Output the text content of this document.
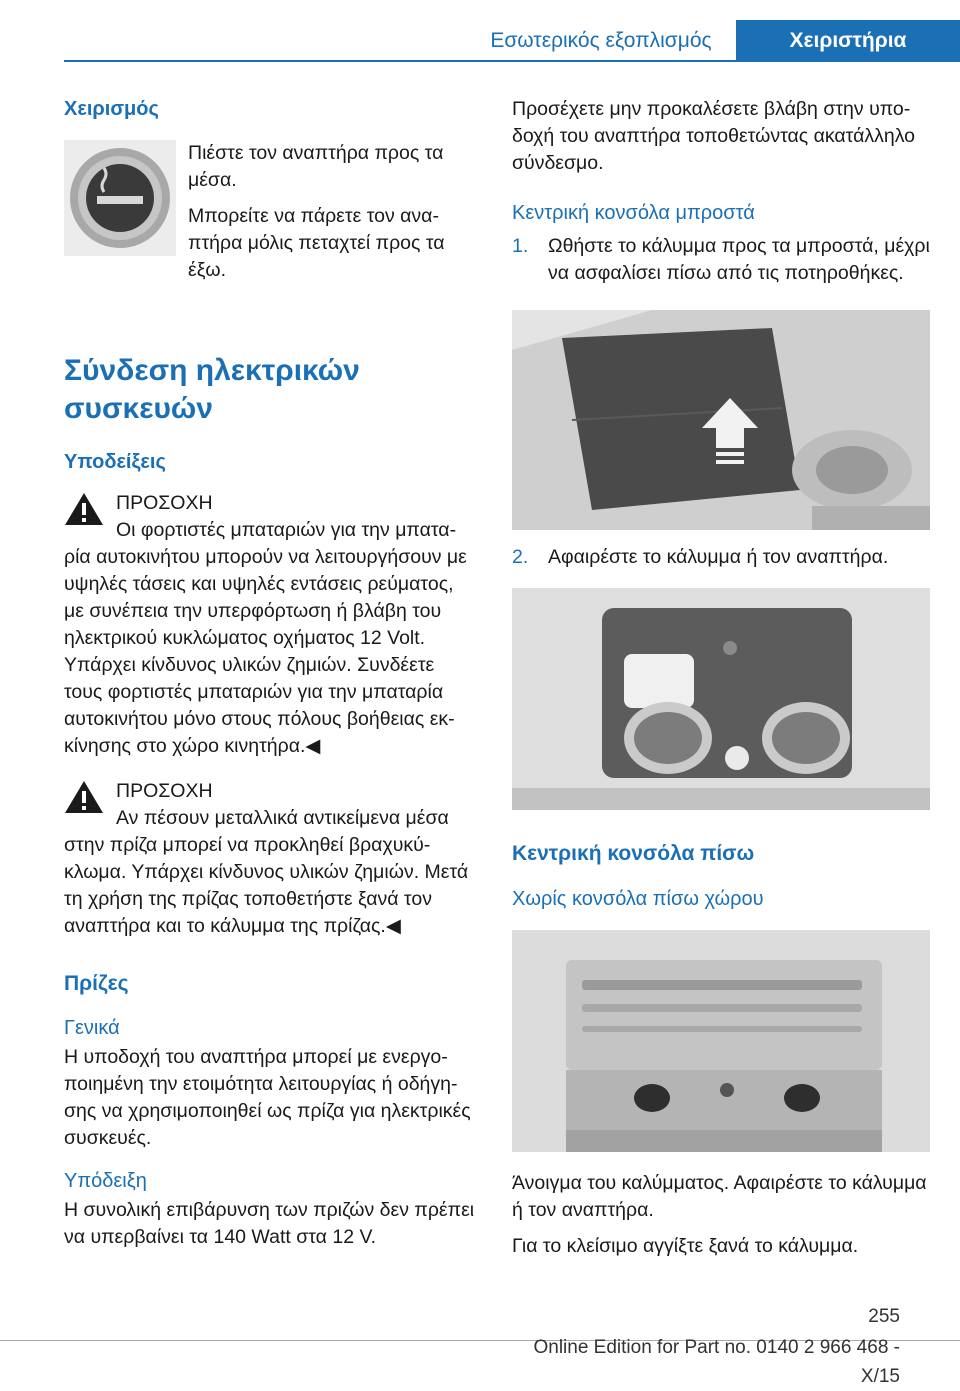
Εσωτερικός εξοπλισμός	Χειριστήρια

Χειρισμός

Πιέστε τον αναπτήρα προς τα μέσα.

Μπορείτε να πάρετε τον αναπτήρα μόλις πεταχτεί προς τα έξω.

Σύνδεση ηλεκτρικών συσκευών

Υποδείξεις

ΠΡΟΣΟΧΗ

Οι φορτιστές μπαταριών για την μπαταρία αυτοκινήτου μπορούν να λειτουργήσουν με υψηλές τάσεις και υψηλές εντάσεις ρεύματος, με συνέπεια την υπερφόρτωση ή βλάβη του ηλεκτρικού κυκλώματος οχήματος 12 Volt. Υπάρχει κίνδυνος υλικών ζημιών. Συνδέετε τους φορτιστές μπαταριών για την μπαταρία αυτοκινήτου μόνο στους πόλους βοήθειας εκκίνησης στο χώρο κινητήρα.◀

ΠΡΟΣΟΧΗ

Αν πέσουν μεταλλικά αντικείμενα μέσα στην πρίζα μπορεί να προκληθεί βραχυκύκλωμα. Υπάρχει κίνδυνος υλικών ζημιών. Μετά τη χρήση της πρίζας τοποθετήστε ξανά τον αναπτήρα και το κάλυμμα της πρίζας.◀

Πρίζες

Γενικά

Η υποδοχή του αναπτήρα μπορεί με ενεργοποιημένη την ετοιμότητα λειτουργίας ή οδήγησης να χρησιμοποιηθεί ως πρίζα για ηλεκτρικές συσκευές.

Υπόδειξη

Η συνολική επιβάρυνση των πριζών δεν πρέπει να υπερβαίνει τα 140 Watt στα 12 V.

Προσέχετε μην προκαλέσετε βλάβη στην υποδοχή του αναπτήρα τοποθετώντας ακατάλληλο σύνδεσμο.

Κεντρική κονσόλα μπροστά

1. Ωθήστε το κάλυμμα προς τα μπροστά, μέχρι να ασφαλίσει πίσω από τις ποτηροθήκες.
2. Αφαιρέστε το κάλυμμα ή τον αναπτήρα.

Κεντρική κονσόλα πίσω

Χωρίς κονσόλα πίσω χώρου

Άνοιγμα του καλύμματος. Αφαιρέστε το κάλυμμα ή τον αναπτήρα.

Για το κλείσιμο αγγίξτε ξανά το κάλυμμα.

255
Online Edition for Part no. 0140 2 966 468 - X/15
